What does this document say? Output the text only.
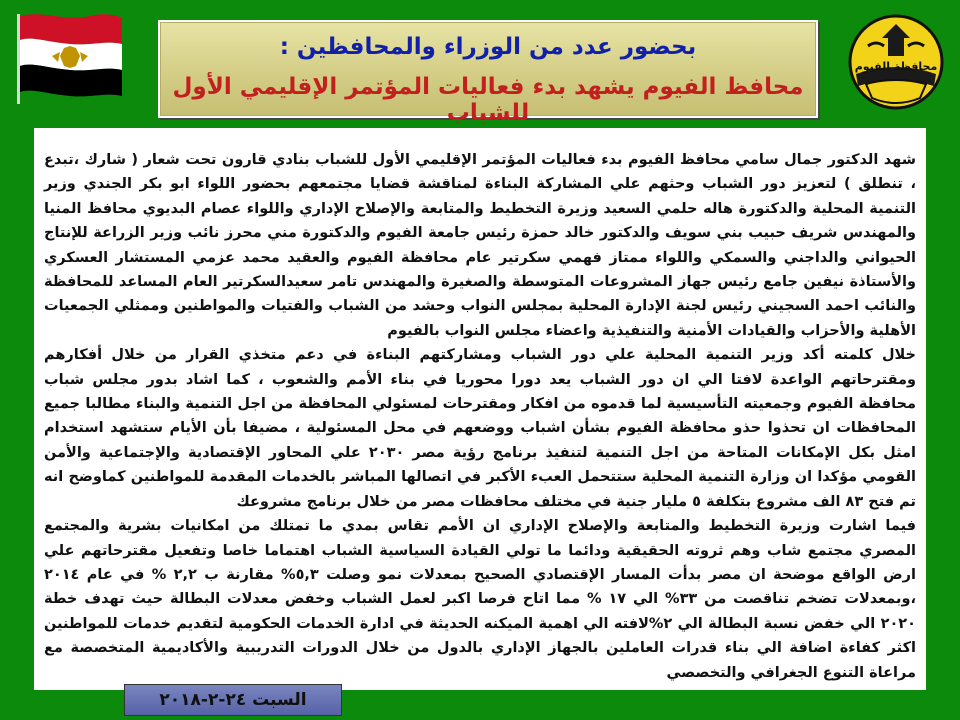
محافظة الفيوم
بحضور عدد من الوزراء والمحافظين :
محافظ الفيوم يشهد بدء فعاليات المؤتمر الإقليمي الأول للشباب

شهد الدكتور جمال سامي محافظ الفيوم بدء فعاليات المؤتمر الإقليمي الأول للشباب بنادي قارون تحت شعار ( شارك ،تبدع ، تنطلق ) لتعزيز دور الشباب وحثهم علي المشاركة البناءة لمناقشة قضايا مجتمعهم بحضور اللواء ابو بكر الجندي وزير التنمية المحلية والدكتورة هاله حلمي السعيد وزيرة التخطيط والمتابعة والإصلاح الإداري واللواء عصام البديوي محافظ المنيا والمهندس شريف حبيب بني سويف والدكتور خالد حمزة رئيس جامعة الفيوم والدكتورة مني محرز نائب وزير الزراعة للإنتاج الحيواني والداجني والسمكي واللواء ممتاز فهمي سكرتير عام محافظة الفيوم والعقيد محمد عزمي المستشار العسكري والأستاذة نيفين جامع رئيس جهاز المشروعات المتوسطة والصغيرة والمهندس تامر سعيدالسكرتير العام المساعد للمحافظة والنائب احمد السجيني رئيس لجنة الإدارة المحلية بمجلس النواب وحشد من الشباب والفتيات والمواطنين وممثلي الجمعيات الأهلية والأحزاب والقيادات الأمنية والتنفيذية واعضاء مجلس النواب بالفيوم

خلال كلمته أكد وزير التنمية المحلية علي دور الشباب ومشاركتهم البناءة في دعم متخذي القرار من خلال أفكارهم ومقترحاتهم الواعدة لافتا الي ان دور الشباب يعد دورا محوريا في بناء الأمم والشعوب ، كما اشاد بدور مجلس شباب محافظة الفيوم وجمعيته التأسيسية لما قدموه من افكار ومقترحات لمسئولي المحافظة من اجل التنمية والبناء مطالبا جميع المحافظات ان تحذوا حذو محافظة الفيوم بشأن اشباب ووضعهم في محل المسئولية ، مضيفا بأن الأيام ستشهد استخدام امثل بكل الإمكانات المتاحة من اجل التنمية لتنفيذ برنامج رؤية مصر ٢٠٣٠ علي المحاور الإقتصادية والإجتماعية والأمن القومي مؤكدا ان وزارة التنمية المحلية ستتحمل العبء الأكبر في اتصالها المباشر بالخدمات المقدمة للمواطنين كماوضح انه تم فتح ٨٣ الف مشروع بتكلفة ٥ مليار جنية في مختلف محافظات مصر من خلال برنامج مشروعك

فيما اشارت وزيرة التخطيط والمتابعة والإصلاح الإداري ان الأمم تقاس بمدي ما تمتلك من امكانيات بشرية والمجتمع المصري مجتمع شاب وهم ثروته الحقيقية ودائما ما تولي القيادة السياسية الشباب اهتماما خاصا وتفعيل مقترحاتهم علي ارض الواقع موضحة ان مصر بدأت المسار الإقتصادي الصحيح بمعدلات نمو وصلت ٥,٣% مقارنة ب ٢,٢ % في عام ٢٠١٤ ،وبمعدلات تضخم تناقصت من ٣٣% الي ١٧ % مما اتاح فرصا اكبر لعمل الشباب وخفض معدلات البطالة حيث تهدف خطة ٢٠٢٠ الي خفض نسبة البطالة الي ٢%لافته الي اهمية الميكنه الحديثة في ادارة الخدمات الحكومية لتقديم خدمات للمواطنين اكثر كفاءة اضافة الي بناء قدرات العاملين بالجهاز الإداري بالدول من خلال الدورات التدريبية والأكاديمية المتخصصة مع مراعاة التنوع الجغرافي والتخصصي

السبت ٢٤-٢-٢٠١٨
